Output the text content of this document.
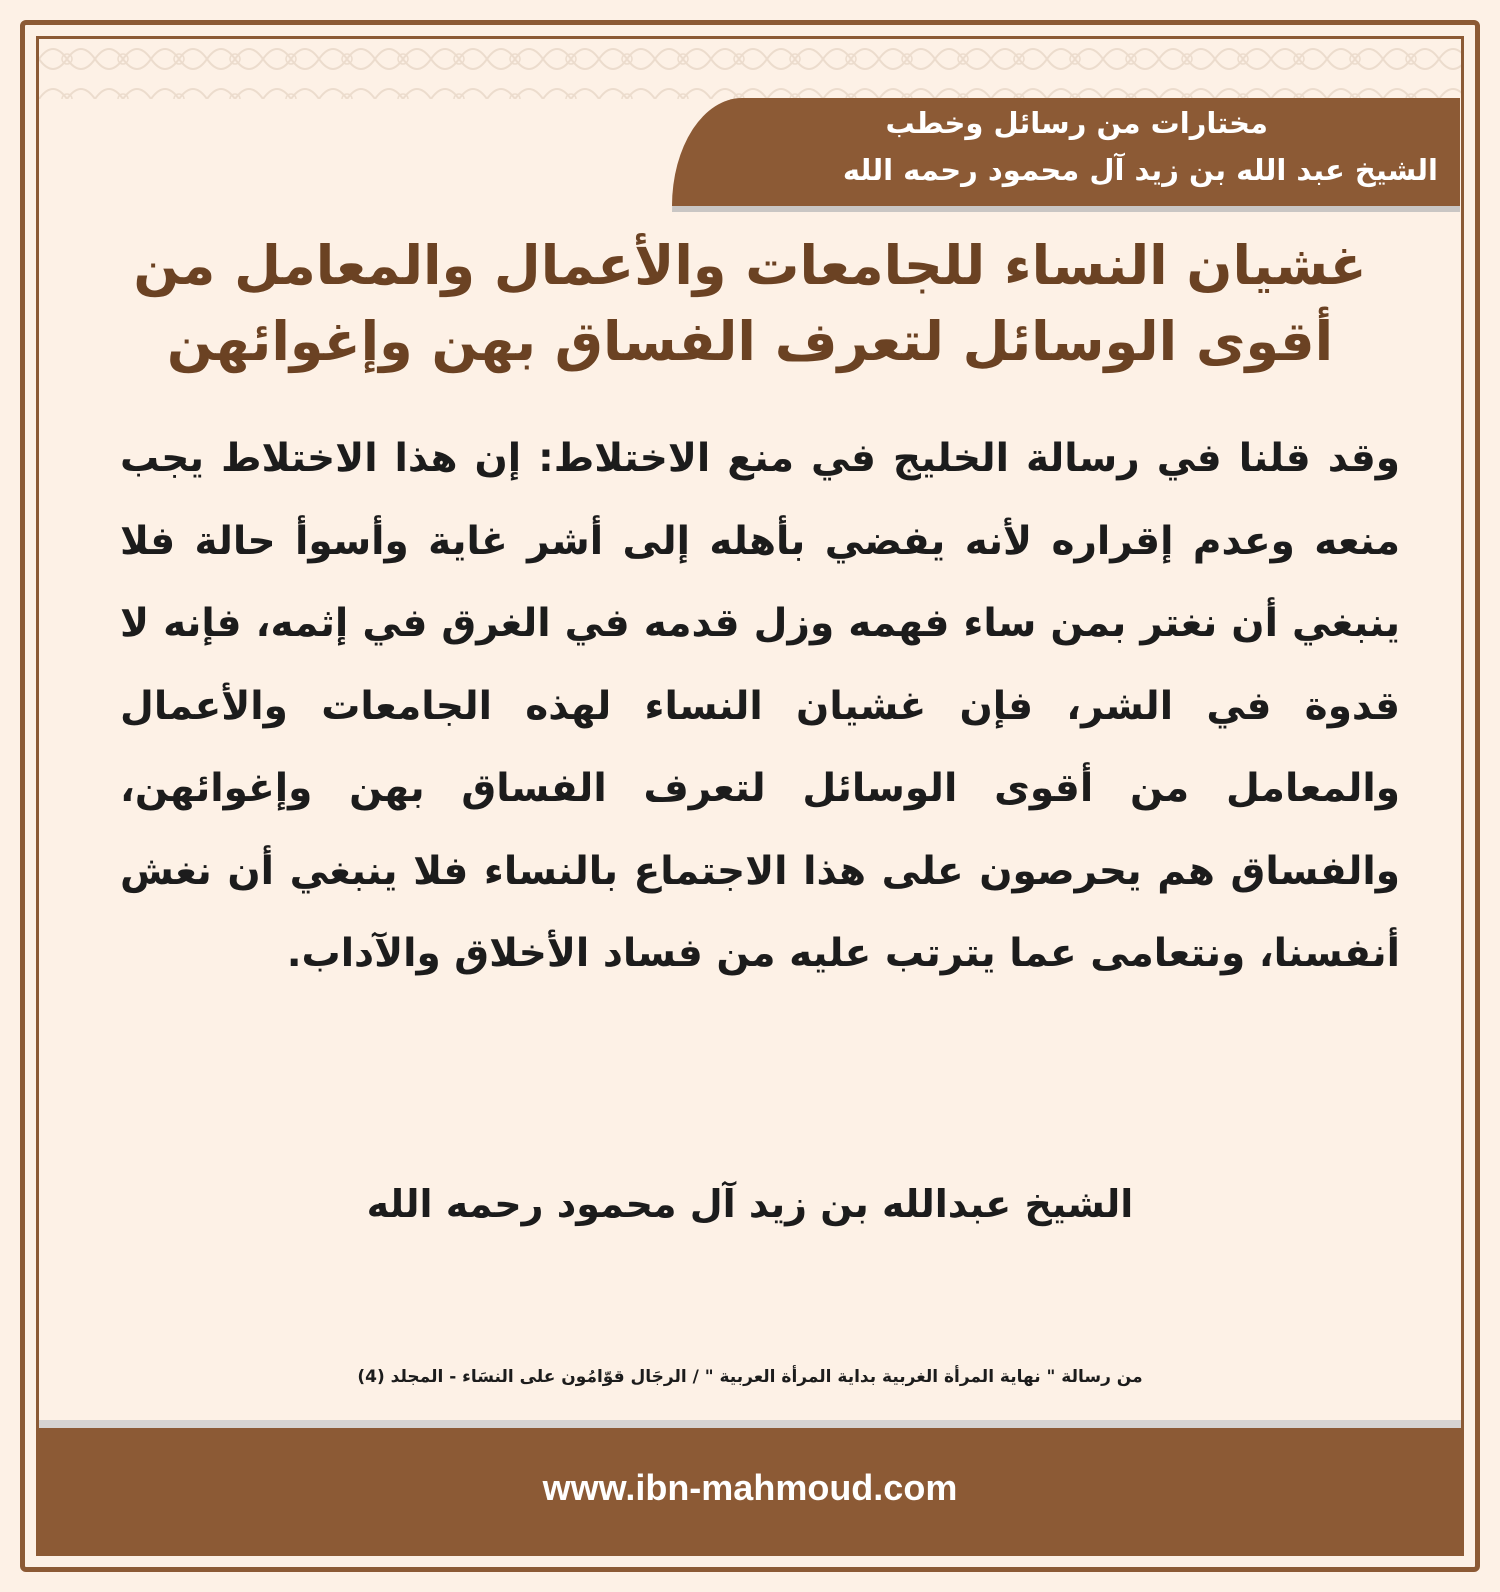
مختارات من رسائل وخطب
الشيخ عبد الله بن زيد آل محمود رحمه الله
غشيان النساء للجامعات والأعمال والمعامل من أقوى الوسائل لتعرف الفساق بهن وإغوائهن
وقد قلنا في رسالة الخليج في منع الاختلاط: إن هذا الاختلاط يجب منعه وعدم إقراره لأنه يفضي بأهله إلى أشر غاية وأسوأ حالة فلا ينبغي أن نغتر بمن ساء فهمه وزل قدمه في الغرق في إثمه، فإنه لا قدوة في الشر، فإن غشيان النساء لهذه الجامعات والأعمال والمعامل من أقوى الوسائل لتعرف الفساق بهن وإغوائهن، والفساق هم يحرصون على هذا الاجتماع بالنساء فلا ينبغي أن نغش أنفسنا، ونتعامى عما يترتب عليه من فساد الأخلاق والآداب.
الشيخ عبدالله بن زيد آل محمود رحمه الله
من رسالة " نهاية المرأة الغربية بداية المرأة العربية " / الرجَال قوّامُون على النسَاء - المجلد (4)
www.ibn-mahmoud.com
